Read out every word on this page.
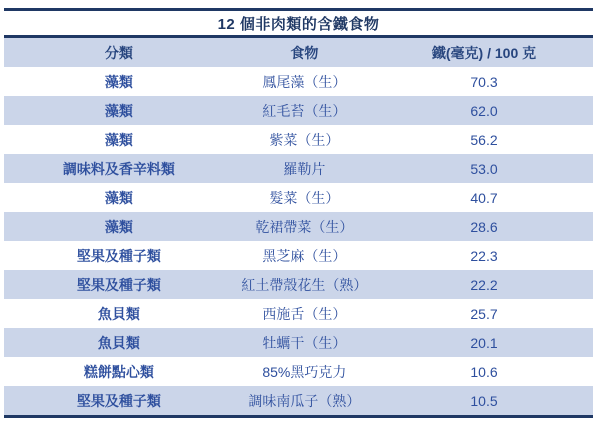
12 個非肉類的含鐵食物
分類	食物	鐵(毫克) / 100 克
藻類	鳳尾藻（生）	70.3
藻類	紅毛苔（生）	62.0
藻類	紫菜（生）	56.2
調味料及香辛料類	羅勒片	53.0
藻類	髮菜（生）	40.7
藻類	乾裙帶菜（生）	28.6
堅果及種子類	黑芝麻（生）	22.3
堅果及種子類	紅土帶殼花生（熟）	22.2
魚貝類	西施舌（生）	25.7
魚貝類	牡蠣干（生）	20.1
糕餅點心類	85%黑巧克力	10.6
堅果及種子類	調味南瓜子（熟）	10.5
